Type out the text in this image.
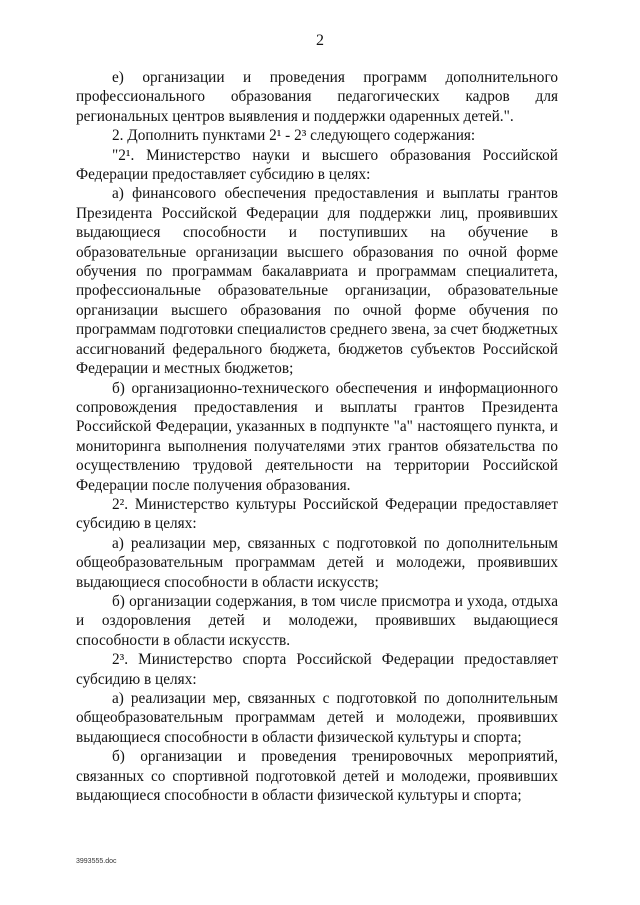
2

е) организации и проведения программ дополнительного профессионального образования педагогических кадров для региональных центров выявления и поддержки одаренных детей.".

2. Дополнить пунктами 2¹ - 2³ следующего содержания:

"2¹. Министерство науки и высшего образования Российской Федерации предоставляет субсидию в целях:

а) финансового обеспечения предоставления и выплаты грантов Президента Российской Федерации для поддержки лиц, проявивших выдающиеся способности и поступивших на обучение в образовательные организации высшего образования по очной форме обучения по программам бакалавриата и программам специалитета, профессиональные образовательные организации, образовательные организации высшего образования по очной форме обучения по программам подготовки специалистов среднего звена, за счет бюджетных ассигнований федерального бюджета, бюджетов субъектов Российской Федерации и местных бюджетов;

б) организационно-технического обеспечения и информационного сопровождения предоставления и выплаты грантов Президента Российской Федерации, указанных в подпункте "а" настоящего пункта, и мониторинга выполнения получателями этих грантов обязательства по осуществлению трудовой деятельности на территории Российской Федерации после получения образования.

2². Министерство культуры Российской Федерации предоставляет субсидию в целях:

а) реализации мер, связанных с подготовкой по дополнительным общеобразовательным программам детей и молодежи, проявивших выдающиеся способности в области искусств;

б) организации содержания, в том числе присмотра и ухода, отдыха и оздоровления детей и молодежи, проявивших выдающиеся способности в области искусств.

2³. Министерство спорта Российской Федерации предоставляет субсидию в целях:

а) реализации мер, связанных с подготовкой по дополнительным общеобразовательным программам детей и молодежи, проявивших выдающиеся способности в области физической культуры и спорта;

б) организации и проведения тренировочных мероприятий, связанных со спортивной подготовкой детей и молодежи, проявивших выдающиеся способности в области физической культуры и спорта;

3993555.doc
